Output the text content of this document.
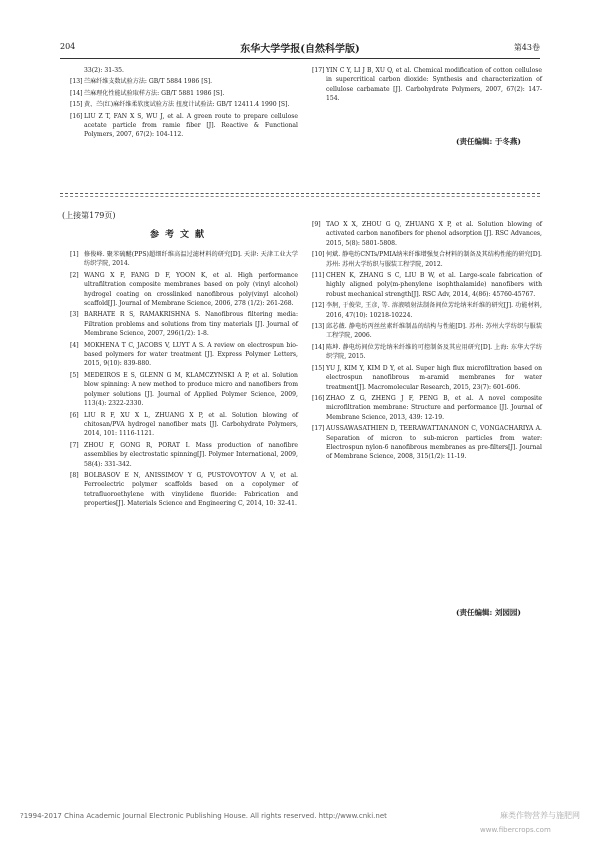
204	东华大学学报(自然科学版)	第43卷
33(2): 31-35.
[13] 苎麻纤维支数试验方法: GB/T 5884 1986 [S].
[14] 苎麻理化性能试验取样方法: GB/T 5881 1986 [S].
[15] 黄、苎(红)麻纤维柔软度试验方法 扭度计试验法: GB/T 12411.4 1990 [S].
[16] LIU Z T, FAN X S, WU J, et al. A green route to prepare cellulose acetate particle from ramie fiber [J]. Reactive & Functional Polymers, 2007, 67(2): 104-112.
[17] YIN C Y, LI J B, XU Q, et al. Chemical modification of cotton cellulose in supercritical carbon dioxide: Synthesis and characterization of cellulose carbamate [J]. Carbohydrate Polymers, 2007, 67(2): 147-154.
(责任编辑: 于冬燕)
(上接第179页)
参考文献
[1] 修俊峰. 聚苯硫醚(PPS)超细纤维高温过滤材料的研究[D]. 天津: 天津工业大学纺织学院, 2014.
[2] WANG X F, FANG D F, YOON K, et al. High performance ultrafiltration composite membranes based on poly (vinyl alcohol) hydrogel coating on crosslinked nanofibrous poly(vinyl alcohol) scaffold[J]. Journal of Membrane Science, 2006, 278 (1/2): 261-268.
[3] BARHATE R S, RAMAKRISHNA S. Nanofibrous filtering media: Filtration problems and solutions from tiny materials [J]. Journal of Membrane Science, 2007, 296(1/2): 1-8.
[4] MOKHENA T C, JACOBS V, LUYT A S. A review on electrospun bio-based polymers for water treatment [J]. Express Polymer Letters, 2015, 9(10): 839-880.
[5] MEDEIROS E S, GLENN G M, KLAMCZYNSKI A P, et al. Solution blow spinning: A new method to produce micro and nanofibers from polymer solutions [J]. Journal of Applied Polymer Science, 2009, 113(4): 2322-2330.
[6] LIU R F, XU X L, ZHUANG X P, et al. Solution blowing of chitosan/PVA hydrogel nanofiber mats [J]. Carbohydrate Polymers, 2014, 101: 1116-1121.
[7] ZHOU F, GONG R, PORAT I. Mass production of nanofibre assemblies by electrostatic spinning[J]. Polymer International, 2009, 58(4): 331-342.
[8] BOLBASOV E N, ANISSIMOV Y G, PUSTOVOYTOV A V, et al. Ferroelectric polymer scaffolds based on a copolymer of tetrafluoroethylene with vinylidene fluoride: Fabrication and properties[J]. Materials Science and Engineering C, 2014, 10: 32-41.
[9] TAO X X, ZHOU G Q, ZHUANG X P, et al. Solution blowing of activated carbon nanofibers for phenol adsorption [J]. RSC Advances, 2015, 5(8): 5801-5808.
[10] 何斌. 静电纺CNTs/PMIA纳米纤维增强复合材料的制备及其结构性能的研究[D]. 苏州: 苏州大学纺织与服装工程学院, 2012.
[11] CHEN K, ZHANG S C, LIU B W, et al. Large-scale fabrication of highly aligned poly(m-phenylene isophthalamide) nanofibers with robust mechanical strength[J]. RSC Adv, 2014, 4(86): 45760-45767.
[12] 李舸, 于俊荣, 王彦, 等. 溶液喷射法制备间位芳纶纳米纤维的研究[J]. 功能材料, 2016, 47(10): 10218-10224.
[13] 邱芯薇. 静电纺丙丝丝素纤维制品的结构与性能[D]. 苏州: 苏州大学纺织与服装工程学院, 2006.
[14] 陈坤. 静电纺间位芳纶纳米纤维的可控制备及其应用研究[D]. 上海: 东华大学纺织学院, 2015.
[15] YU J, KIM Y, KIM D Y, et al. Super high flux microfiltration based on electrospun nanofibrous m-aramid membranes for water treatment[J]. Macromolecular Research, 2015, 23(7): 601-606.
[16] ZHAO Z G, ZHENG J F, PENG B, et al. A novel composite microfiltration membrane: Structure and performance [J]. Journal of Membrane Science, 2013, 439: 12-19.
[17] AUSSAWASATHIEN D, TEERAWATTANANON C, VONGACHARIYA A. Separation of micron to sub-micron particles from water: Electrospun nylon-6 nanofibrous membranes as pre-filters[J]. Journal of Membrane Science, 2008, 315(1/2): 11-19.
(责任编辑: 刘园园)
?1994-2017 China Academic Journal Electronic Publishing House. All rights reserved. http://www.cnki.net	麻类作物营养与施肥网
www.fibercrops.com
